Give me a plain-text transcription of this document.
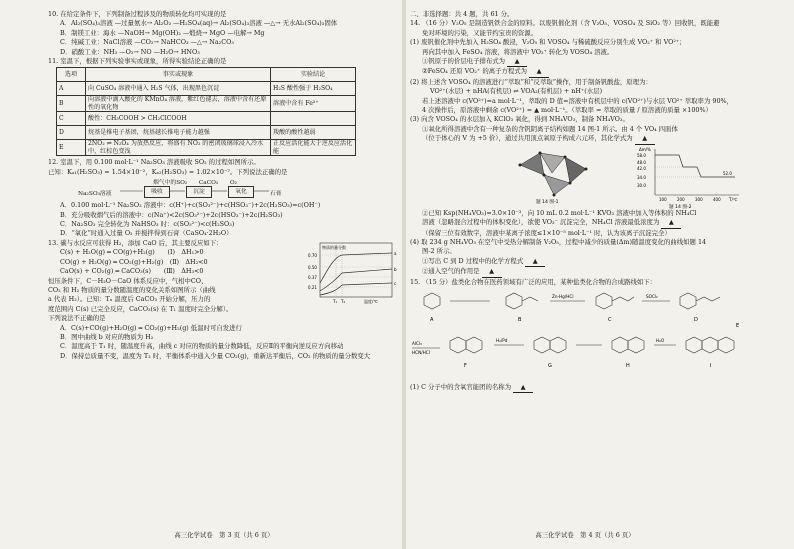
10. 在给定条件下，下列制备过程涉及的物质转化均可实现的是

A．Al₂(SO₄)₃溶液 —过量氨水→ Al₂O₃ —H₂SO₄(aq)→ Al₂(SO₄)₃溶液 —△→ 无水Al₂(SO₄)₃固体

B．制镁工业：海水 —NaOH→ Mg(OH)₂ —煅烧→ MgO —电解→ Mg

C．纯碱工业：NaCl溶液 —CO₂→ NaHCO₃ —△→ Na₂CO₃

D．硝酸工业：NH₃ —O₂→ NO —H₂O→ HNO₃

11. 室温下，根据下列实验事实或现象，所得实验结论正确的是

选项	事实或现象	实验结论
A	向 CuSO₄ 溶液中通入 H₂S 气体，出现黑色沉淀	H₂S 酸性强于 H₂SO₄
B	向溶液中滴入酸化的 KMnO₄ 溶液，紫红色褪去，溶液中含有还原性的氧化物	溶液中含有 Fe²⁺
C	酸性：CH₃COOH > CH₂ClCOOH	
D	烷基是推电子基团，烷基越长推电子能力越强	羧酸的酸性越弱
E	2NO₂ ⇌ N₂O₄ 为放热反应，将盛有 NO₂ 的密闭玻璃球浸入冷水中，红棕色变浅	正反应活化能大于逆反应活化能

12. 室温下，用 0.100 mol·L⁻¹ Na₂SO₃ 溶液吸收 SO₂ 的过程如图所示。

已知：Kₐ₁(H₂SO₃) = 1.54×10⁻²，Kₐ₂(H₂SO₃) = 1.02×10⁻⁷。下列说法正确的是

烟气中的SO₂　　CaCO₃　　O₂
Na₂SO₃溶液	吸收	沉淀	氧化	石膏

A．0.100 mol·L⁻¹ Na₂SO₃ 溶液中：c(H⁺)+c(SO₃²⁻)+c(HSO₃⁻)+2c(H₂SO₃)=c(OH⁻)

B．充分吸收烟气后的溶液中：c(Na⁺)<2c(SO₃²⁻)+2c(HSO₃⁻)+2c(H₂SO₃)

C．Na₂SO₃ 完全转化为 NaHSO₃ 时：c(SO₃²⁻)<c(H₂SO₃)

D．“氧化”时通入过量 O₂ 并搅拌得到石膏（CaSO₄·2H₂O）

13. 碳与水反应可获得 H₂，添加 CaO 后，其主要反应如下：

C(s) + H₂O(g) ═ CO(g)+H₂(g)　　(Ⅰ)　ΔH₁>0

CO(g) + H₂O(g) ═ CO₂(g)+H₂(g)　(Ⅱ)　ΔH₂<0

CaO(s) + CO₂(g) ═ CaCO₃(s)　　(Ⅲ)　ΔH₃<0

恒压条件下，C－H₂O－CaO 体系反应中，气相中CO、

CO₂ 和 H₂ 物质的量分数随温度的变化关系如图所示（曲线

a 代表 H₂）。已知：Tₓ 温度后 CaCO₃ 开始分解，压力的

度范围内 C(s) 已完全反应，CaCO₃(s) 在 T₁ 温度时完全分解）。

下列说法不正确的是

0.70
0.50
0.37
0.21
a
b
c
T₁ T₂	温度/℃
物质的量分数

A．C(s)+CO(g)+H₂O(g) ═ CO₂(g)+H₂(g) 低温时可自发进行

B．图中曲线 b 对应的物质为 H₂

C．温度高于 T₁ 时，随温度升高，曲线 c 对应的物质的量分数降低，反应Ⅱ的平衡向逆反应方向移动

D．保持总质量不变，温度为 T₂ 时，平衡体系中通入少量 CO₂(g)，重新达平衡后，CO₂ 的物质的量分数变大

高三化学试卷　第 3 页（共 6 页）

二、非选择题：共 4 题，共 61 分。

14. （16 分）V₂O₅ 是制造钒铁合金的原料。以废钒催化剂（含 V₂O₅、VOSO₄ 及 SiO₂ 等）回收钒，既能避

免对环境的污染，又能节约宝贵的资源。

(1) 废钒催化剂中先加入 H₂SO₄ 酸浸，V₂O₅ 和 VOSO₄ 与稀硫酸反应分别生成 VO₂⁺ 和 VO²⁺；

再向其中加入 FeSO₄ 溶液，将溶液中 VO₂⁺ 转化为 VOSO₄ 溶液。

①钒原子的价层电子排布式为 ▲

②FeSO₄ 还原 VO₂⁺ 的离子方程式为 ▲

(2) 将上述含 VOSO₄ 的溶液进行“萃取”和“反萃取”操作，用于制备钒酸盐，原理为：

VO²⁺(水层) + nHA(有机层) ⇌ VOA₂(有机层) + nH⁺(水层)

若上述溶液中 c(VO²⁺)=a mol·L⁻¹，萃取的 D 值=溶液中有机层中的 c(VO²⁺)与水层 VO²⁺ 萃取率为 90%，

4 次操作后，原溶液中剩余 c(VO²⁺) = ▲ mol·L⁻¹。（萃取率 = 萃取的质量 / 原溶液的质量 ×100%）

(3) 向含 VOSO₄ 的水层加入 KClO₃ 氧化，得到 NH₄VO₃，制备 NH₄VO₃。

①氧化所得溶液中含有一种复杂的含钒阴离子结构如题 14 图-1 所示。由 4 个 VO₄ 四面体

（位于体心的 V 为 +5 价），通过共用顶点氧原子构成六元环，其化学式为 ▲

题 14 图-1
Δm/%
58.0
48.0
42.0
34.0
30.0
52.0
100	200	300	400 T/℃
题 14 图-2

②已知 Ksp(NH₄VO₃)=3.0×10⁻³，向 10 mL 0.2 mol·L⁻¹ KVO₃ 溶液中加入等体积的 NH₄Cl

溶液（忽略混合过程中的体积变化），欲使 VO₃⁻ 沉淀完全，NH₄Cl 溶液最低浓度为 ▲

（保留三位有效数字，溶液中某离子浓度≤1×10⁻⁵ mol·L⁻¹ 时，认为该离子沉淀完全）

(4) 取 234 g NH₄VO₃ 在空气中受热分解制备 V₂O₅，过程中减少的质量(Δm)随温度变化的曲线如题 14

图-2 所示。

①写出 C 到 D 过程中的化学方程式 ▲

②通入空气的作用是 ▲

15. （15 分）盐类化合物在医药领域有广泛的应用，某种盐类化合物的合成路线如下：

A	B
Zn-Hg/HCl
C
SOCl₂
D
AlCl₃
HCN/HCl
F
H₂/Pd
G	H
H₂O
I
E

(1) C 分子中的含氧官能团的名称为 ▲

高三化学试卷　第 4 页（共 6 页）
